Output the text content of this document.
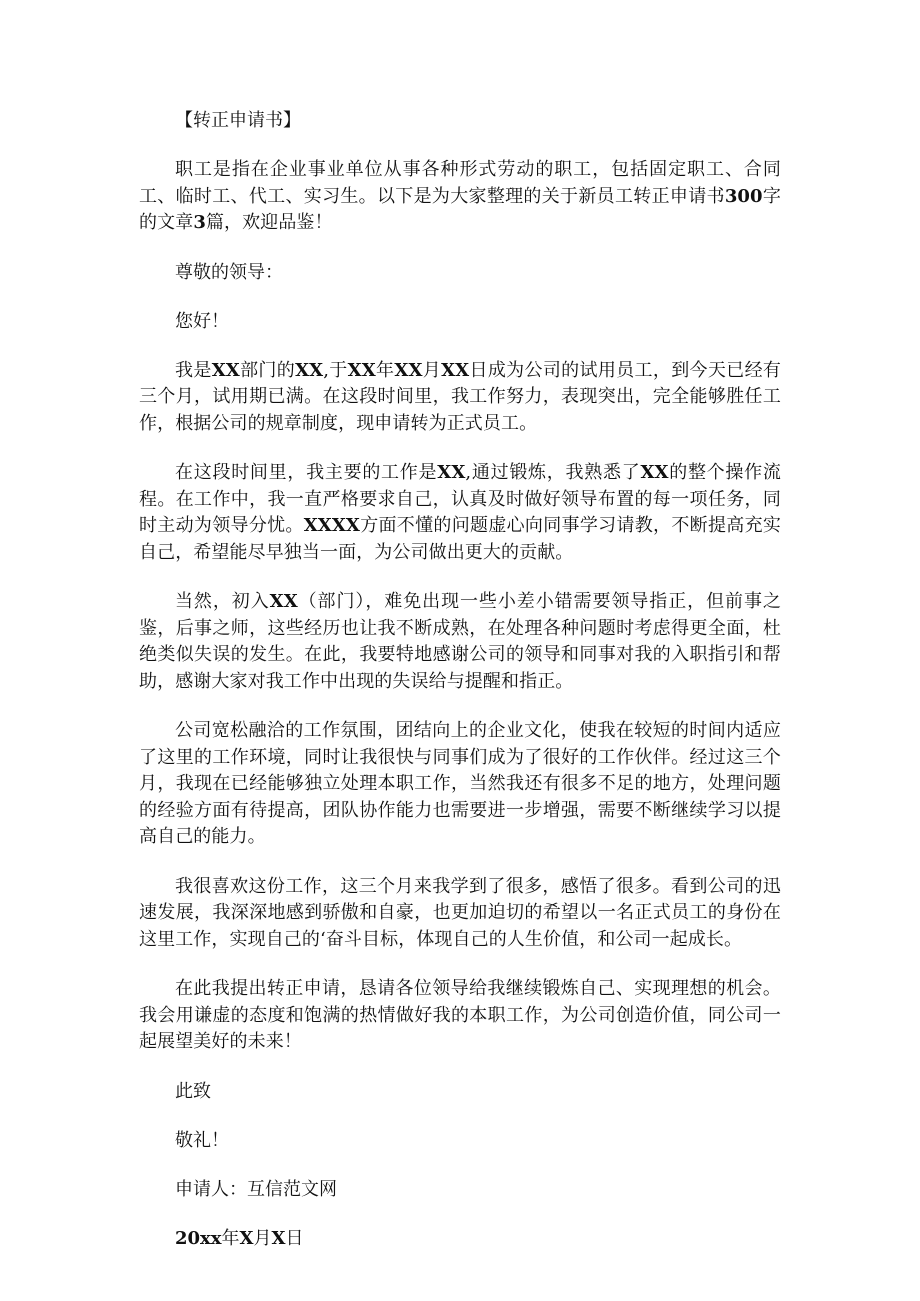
【转正申请书】

职工是指在企业事业单位从事各种形式劳动的职工，包括固定职工、合同工、临时工、代工、实习生。以下是为大家整理的关于新员工转正申请书300字的文章3篇，欢迎品鉴！

尊敬的领导：
您好！

我是XX部门的XX,于XX年XX月XX日成为公司的试用员工，到今天已经有三个月，试用期已满。在这段时间里，我工作努力，表现突出，完全能够胜任工作，根据公司的规章制度，现申请转为正式员工。

在这段时间里，我主要的工作是XX,通过锻炼，我熟悉了XX的整个操作流程。在工作中，我一直严格要求自己，认真及时做好领导布置的每一项任务，同时主动为领导分忧。XXXX方面不懂的问题虚心向同事学习请教，不断提高充实自己，希望能尽早独当一面，为公司做出更大的贡献。

当然，初入XX（部门），难免出现一些小差小错需要领导指正，但前事之鉴，后事之师，这些经历也让我不断成熟，在处理各种问题时考虑得更全面，杜绝类似失误的发生。在此，我要特地感谢公司的领导和同事对我的入职指引和帮助，感谢大家对我工作中出现的失误给与提醒和指正。

公司宽松融洽的工作氛围，团结向上的企业文化，使我在较短的时间内适应了这里的工作环境，同时让我很快与同事们成为了很好的工作伙伴。经过这三个月，我现在已经能够独立处理本职工作，当然我还有很多不足的地方，处理问题的经验方面有待提高，团队协作能力也需要进一步增强，需要不断继续学习以提高自己的能力。

我很喜欢这份工作，这三个月来我学到了很多，感悟了很多。看到公司的迅速发展，我深深地感到骄傲和自豪，也更加迫切的希望以一名正式员工的身份在这里工作，实现自己的‘奋斗目标，体现自己的人生价值，和公司一起成长。

在此我提出转正申请，恳请各位领导给我继续锻炼自己、实现理想的机会。我会用谦虚的态度和饱满的热情做好我的本职工作，为公司创造价值，同公司一起展望美好的未来！

此致
敬礼！
申请人：互信范文网
20xx年X月X日
